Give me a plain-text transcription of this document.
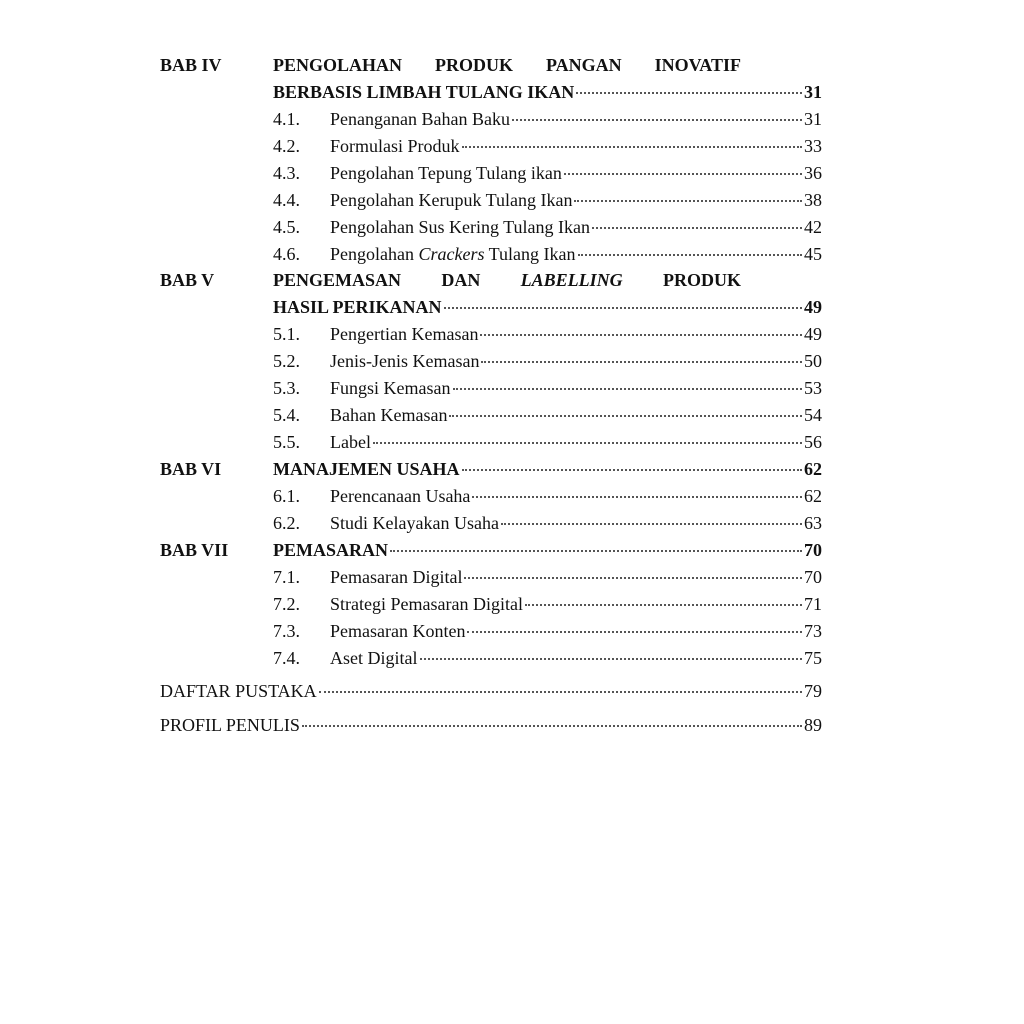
BAB IV	PENGOLAHAN PRODUK PANGAN INOVATIF
BERBASIS LIMBAH TULANG IKAN	31
4.1.	Penanganan Bahan Baku	31
4.2.	Formulasi Produk	33
4.3.	Pengolahan Tepung Tulang ikan	36
4.4.	Pengolahan Kerupuk Tulang Ikan	38
4.5.	Pengolahan Sus Kering Tulang Ikan	42
4.6.	Pengolahan Crackers Tulang Ikan	45
BAB V	PENGEMASAN DAN LABELLING PRODUK
HASIL PERIKANAN	49
5.1.	Pengertian Kemasan	49
5.2.	Jenis-Jenis Kemasan	50
5.3.	Fungsi Kemasan	53
5.4.	Bahan Kemasan	54
5.5.	Label	56
BAB VI	MANAJEMEN USAHA	62
6.1.	Perencanaan Usaha	62
6.2.	Studi Kelayakan Usaha	63
BAB VII	PEMASARAN	70
7.1.	Pemasaran Digital	70
7.2.	Strategi Pemasaran Digital	71
7.3.	Pemasaran Konten	73
7.4.	Aset Digital	75
DAFTAR PUSTAKA	79
PROFIL PENULIS	89
